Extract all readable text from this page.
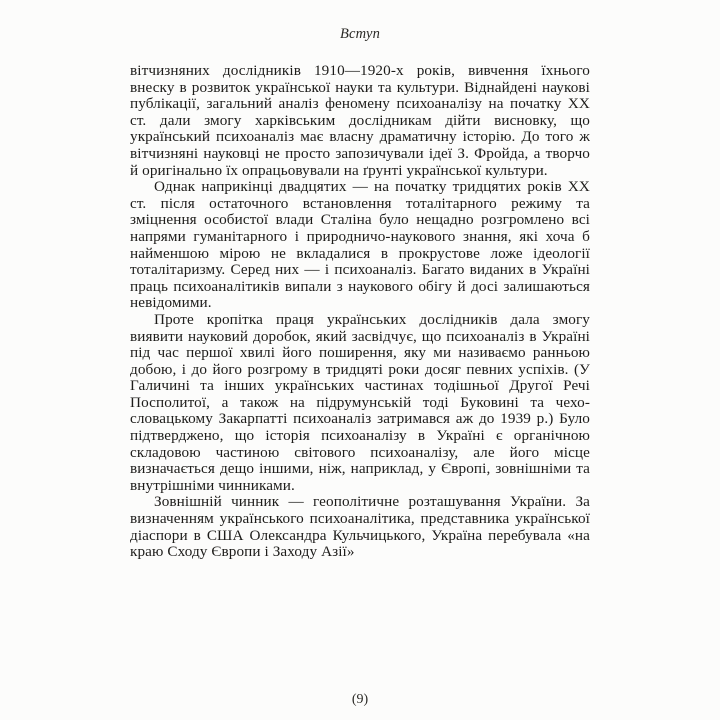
Вступ

вітчизняних дослідників 1910—1920-х років, вивчення їхнього внеску в розвиток української науки та культури. Віднайдені наукові публікації, загальний аналіз феномену психоаналізу на початку XX ст. дали змогу харківським дослідникам дійти висновку, що український психоаналіз має власну драматичну історію. До того ж вітчизняні науковці не просто запозичували ідеї З. Фройда, а творчо й оригінально їх опрацьовували на ґрунті української культури.

Однак наприкінці двадцятих — на початку тридцятих років XX ст. після остаточного встановлення тоталітарного режиму та зміцнення особистої влади Сталіна було нещадно розгромлено всі напрями гуманітарного і природничо-наукового знання, які хоча б найменшою мірою не вкладалися в прокрустове ложе ідеології тоталітаризму. Серед них — і психоаналіз. Багато виданих в Україні праць психоаналітиків випали з наукового обігу й досі залишаються невідомими.

Проте кропітка праця українських дослідників дала змогу виявити науковий доробок, який засвідчує, що психоаналіз в Україні під час першої хвилі його поширення, яку ми називаємо ранньою добою, і до його розгрому в тридцяті роки досяг певних успіхів. (У Галичині та інших українських частинах тодішньої Другої Речі Посполитої, а також на підрумунській тоді Буковині та чехо-словацькому Закарпатті психоаналіз затримався аж до 1939 р.) Було підтверджено, що історія психоаналізу в Україні є органічною складовою частиною світового психоаналізу, але його місце визначається дещо іншими, ніж, наприклад, у Європі, зовнішніми та внутрішніми чинниками.

Зовнішній чинник — геополітичне розташування України. За визначенням українського психоаналітика, представника української діаспори в США Олександра Кульчицького, Україна перебувала «на краю Сходу Європи і Заходу Азії»

(9)
